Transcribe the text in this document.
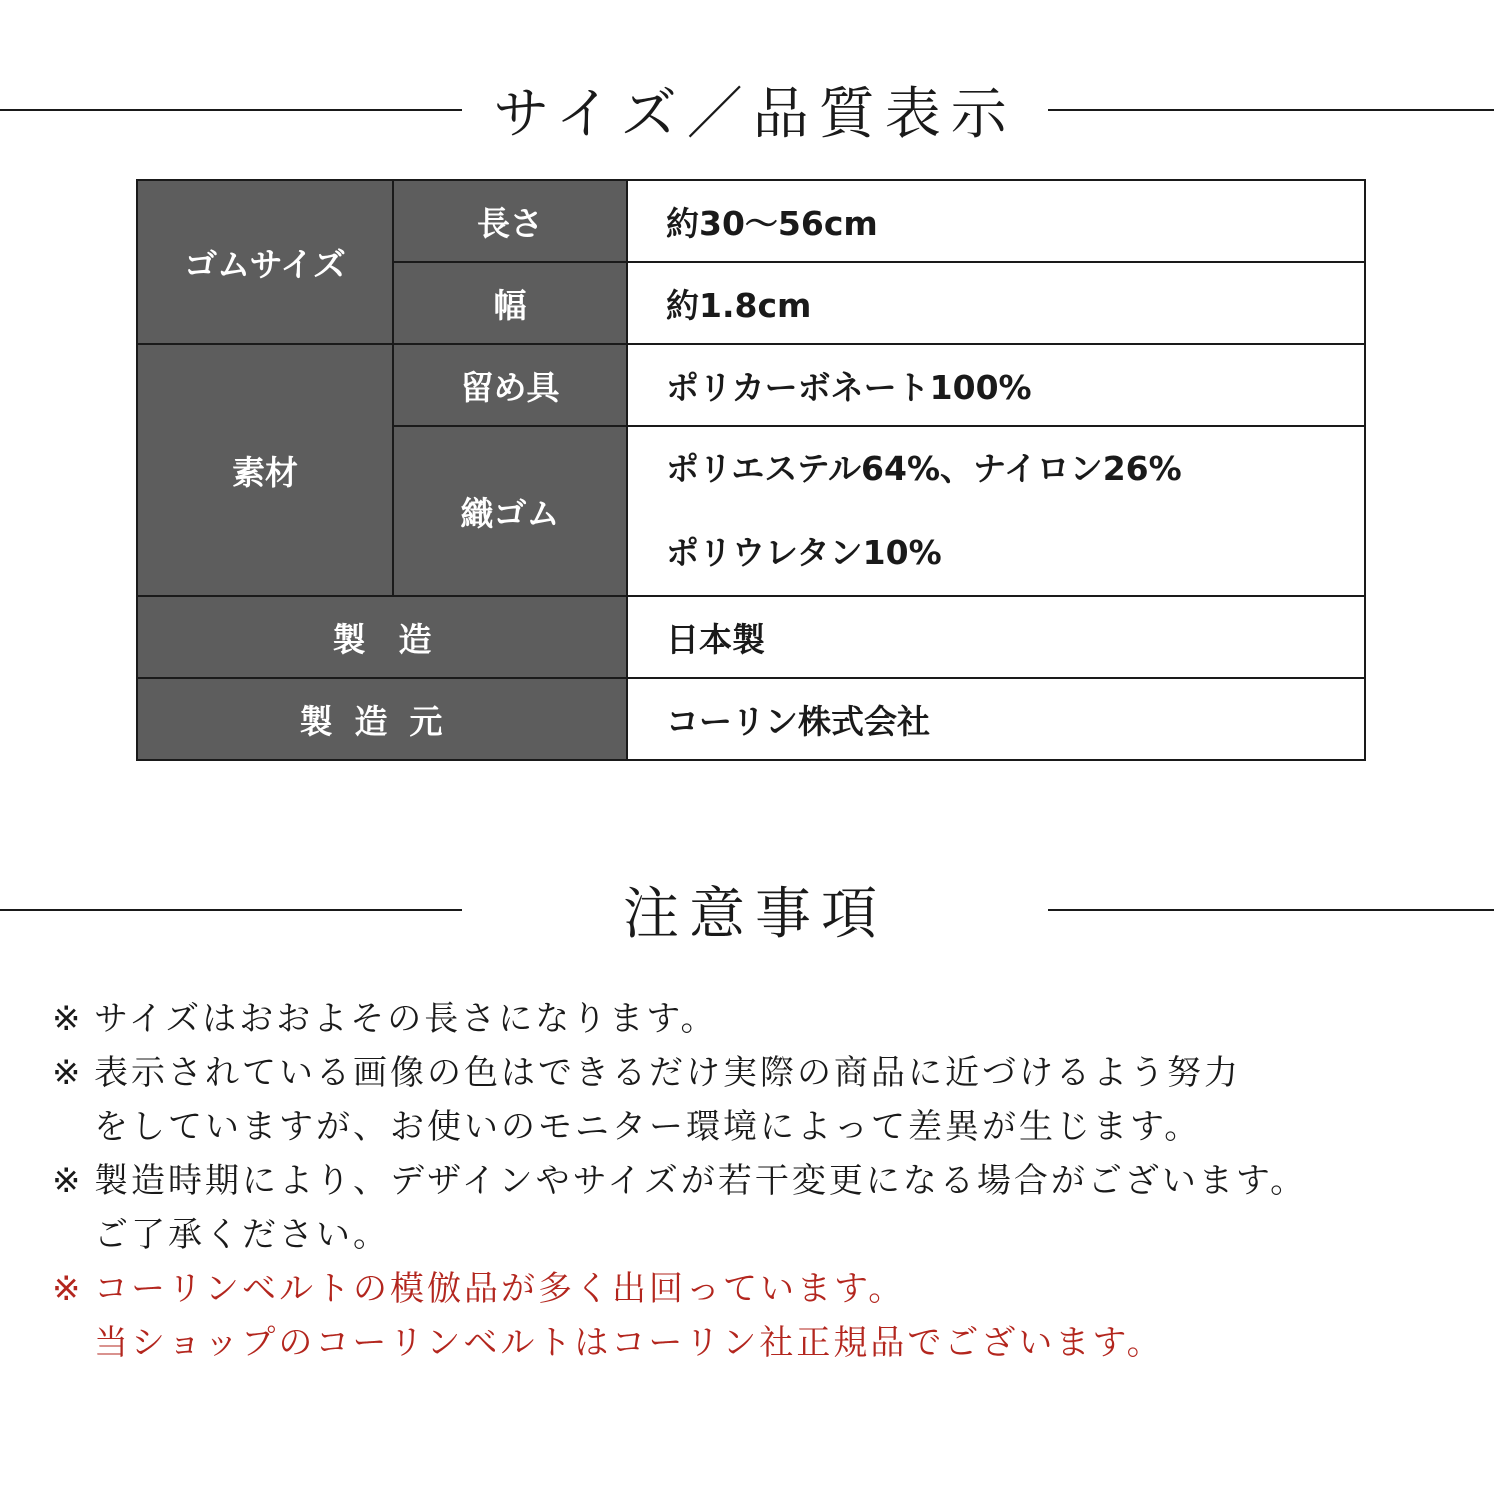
サイズ／品質表示
ゴムサイズ	長さ	約30〜56cm
	幅	約1.8cm
素材	留め具	ポリカーボネート100%
	織ゴム	ポリエステル64%、ナイロン26%
ポリウレタン10%

製　造		日本製
製造元		コーリン株式会社
注意事項
※ サイズはおおよその長さになります。
※ 表示されている画像の色はできるだけ実際の商品に近づけるよう努力
をしていますが、お使いのモニター環境によって差異が生じます。
※ 製造時期により、デザインやサイズが若干変更になる場合がございます。
ご了承ください。
※ コーリンベルトの模倣品が多く出回っています。
当ショップのコーリンベルトはコーリン社正規品でございます。
